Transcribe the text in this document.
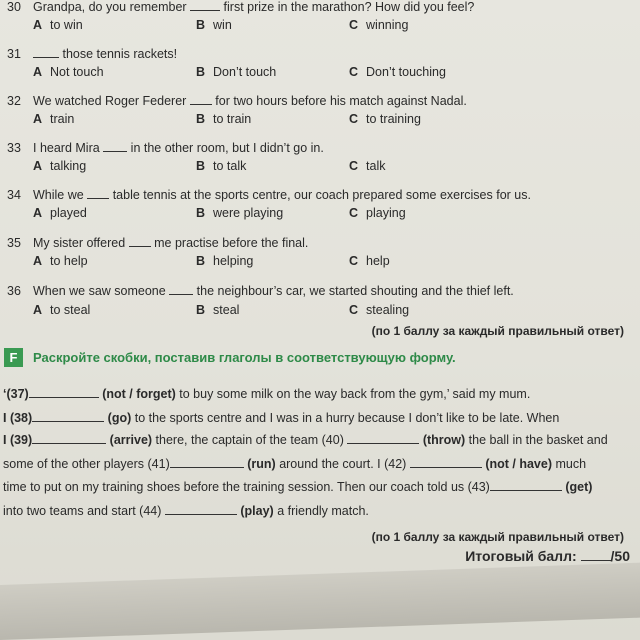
30 Grandpa, do you remember	first prize in the marathon? How did you feel?
A to win	B win	C winning
31	those tennis rackets!
A Not touch	B Don’t touch	C Don’t touching
32 We watched Roger Federer for two hours before his match against Nadal.
A train	B to train	C to training
33 I heard Mira in the other room, but I didn’t go in.
A talking	B to talk	C talk
34 While we table tennis at the sports centre, our coach prepared some exercises for us.
A played	B were playing	C playing
35 My sister offered me practise before the final.
A to help	B helping	C help
36 When we saw someone the neighbour’s car, we started shouting and the thief left.
A to steal	B steal	C stealing
(по 1 баллу за каждый правильный ответ)
F	Раскройте скобки, поставив глаголы в соответствующую форму.
‘(37)	(not / forget) to buy some milk on the way back from the gym,’ said my mum.
I (38)	(go) to the sports centre and I was in a hurry because I don’t like to be late. When
I (39)	(arrive) there, the captain of the team (40)	(throw) the ball in the basket and
some of the other players (41)	(run) around the court. I (42)	(not / have) much
time to put on my training shoes before the training session. Then our coach told us (43)	(get)
into two teams and start (44)	(play) a friendly match.
(по 1 баллу за каждый правильный ответ)
Итоговый балл: /50
